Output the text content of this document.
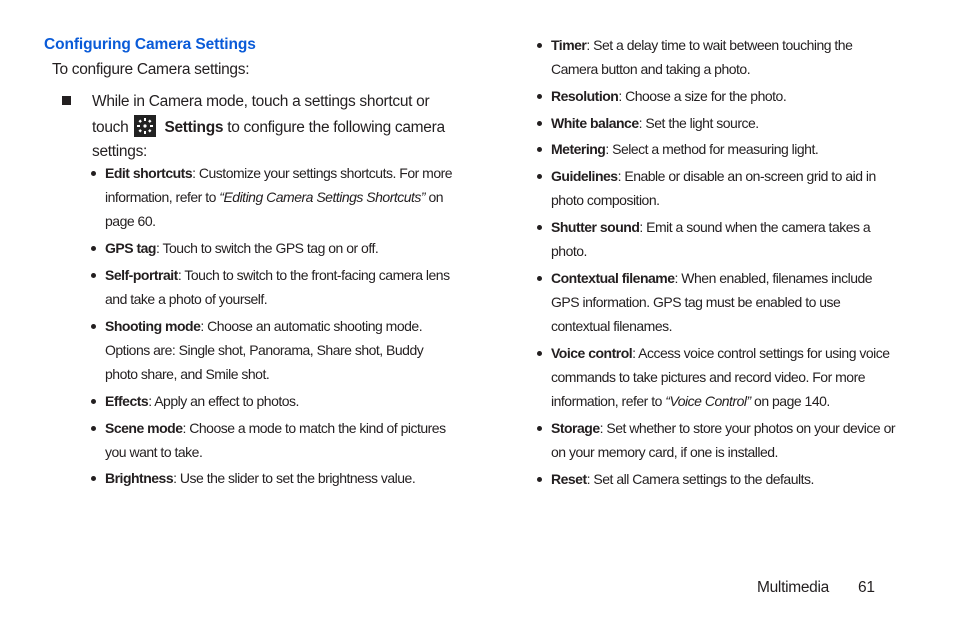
Configuring Camera Settings
To configure Camera settings:
While in Camera mode, touch a settings shortcut or touch Settings to configure the following camera settings:
Edit shortcuts: Customize your settings shortcuts. For more information, refer to “Editing Camera Settings Shortcuts” on page 60.
GPS tag: Touch to switch the GPS tag on or off.
Self-portrait: Touch to switch to the front-facing camera lens and take a photo of yourself.
Shooting mode: Choose an automatic shooting mode. Options are: Single shot, Panorama, Share shot, Buddy photo share, and Smile shot.
Effects: Apply an effect to photos.
Scene mode: Choose a mode to match the kind of pictures you want to take.
Brightness: Use the slider to set the brightness value.
Timer: Set a delay time to wait between touching the Camera button and taking a photo.
Resolution: Choose a size for the photo.
White balance: Set the light source.
Metering: Select a method for measuring light.
Guidelines: Enable or disable an on-screen grid to aid in photo composition.
Shutter sound: Emit a sound when the camera takes a photo.
Contextual filename: When enabled, filenames include GPS information. GPS tag must be enabled to use contextual filenames.
Voice control: Access voice control settings for using voice commands to take pictures and record video. For more information, refer to “Voice Control” on page 140.
Storage: Set whether to store your photos on your device or on your memory card, if one is installed.
Reset: Set all Camera settings to the defaults.
Multimedia 61
